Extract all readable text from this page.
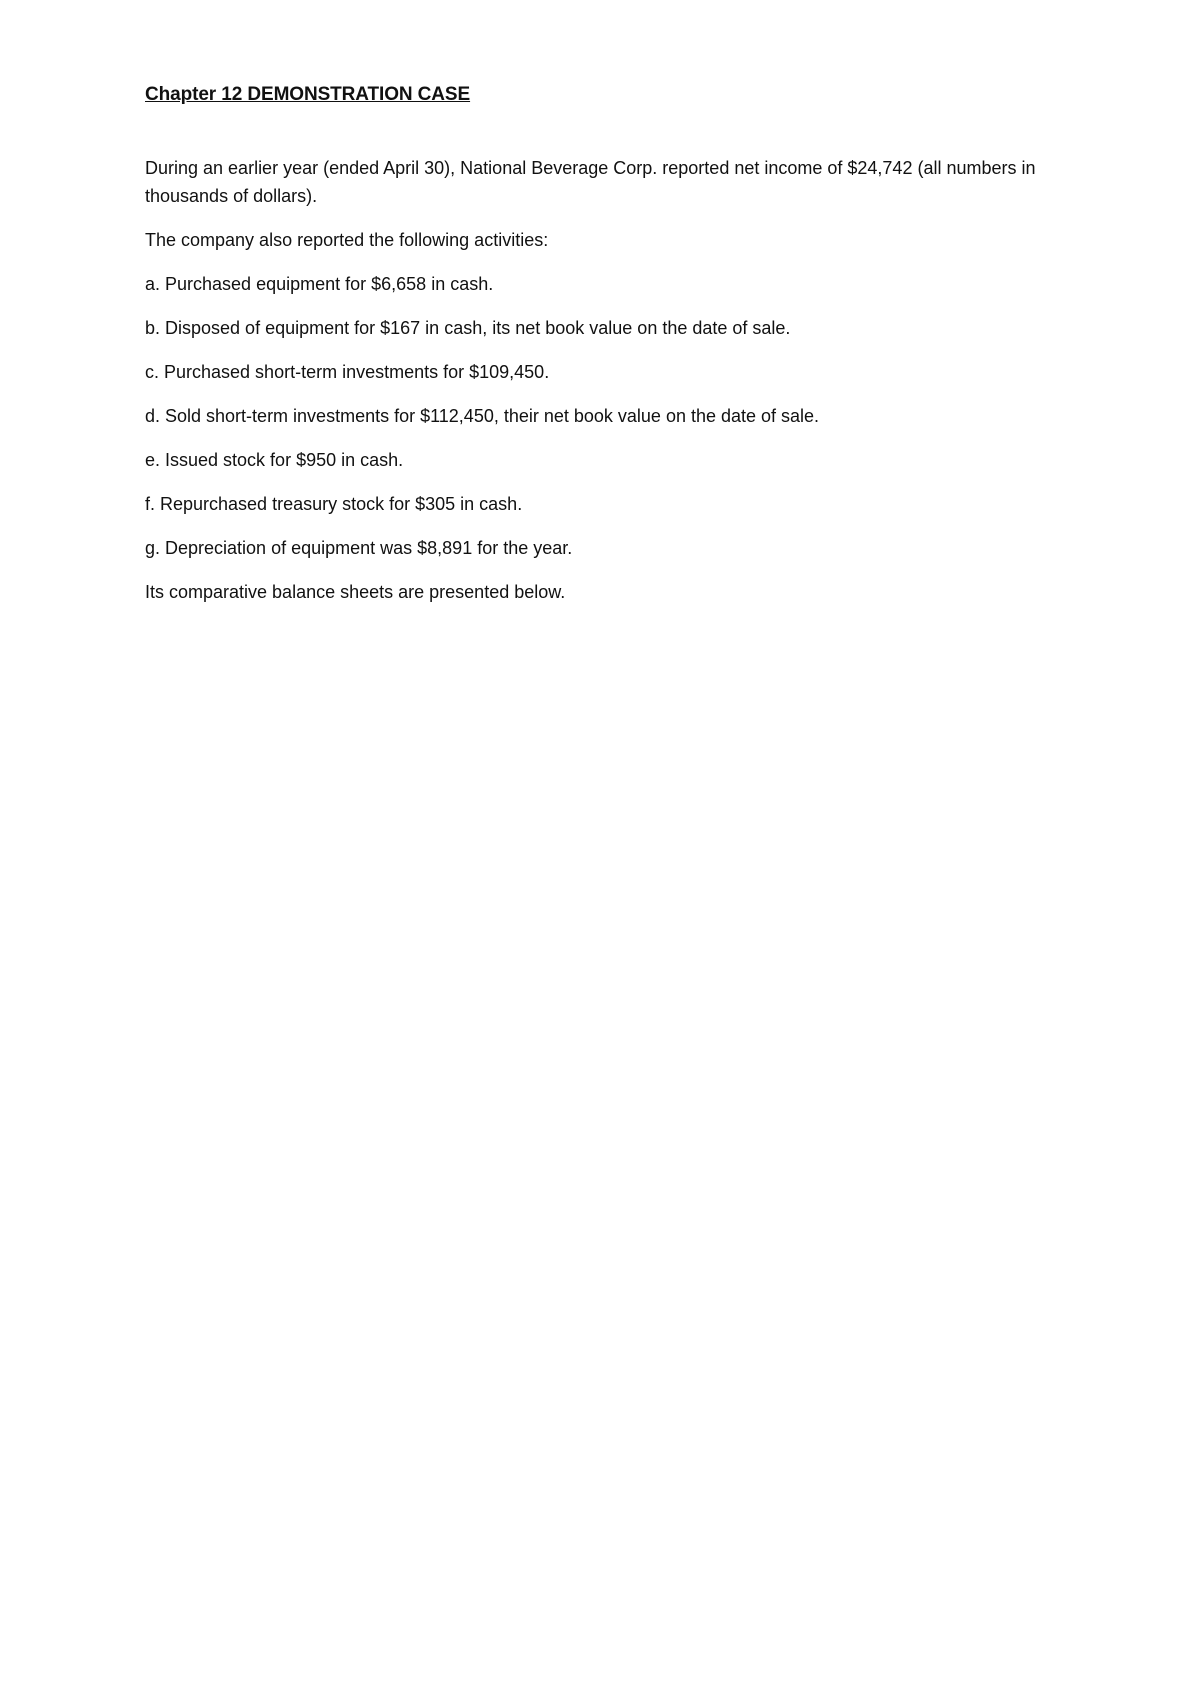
Chapter 12 DEMONSTRATION CASE

During an earlier year (ended April 30), National Beverage Corp. reported net income of $24,742 (all numbers in thousands of dollars).

The company also reported the following activities:

a. Purchased equipment for $6,658 in cash.

b. Disposed of equipment for $167 in cash, its net book value on the date of sale.

c. Purchased short-term investments for $109,450.

d. Sold short-term investments for $112,450, their net book value on the date of sale.

e. Issued stock for $950 in cash.

f. Repurchased treasury stock for $305 in cash.

g. Depreciation of equipment was $8,891 for the year.

Its comparative balance sheets are presented below.
